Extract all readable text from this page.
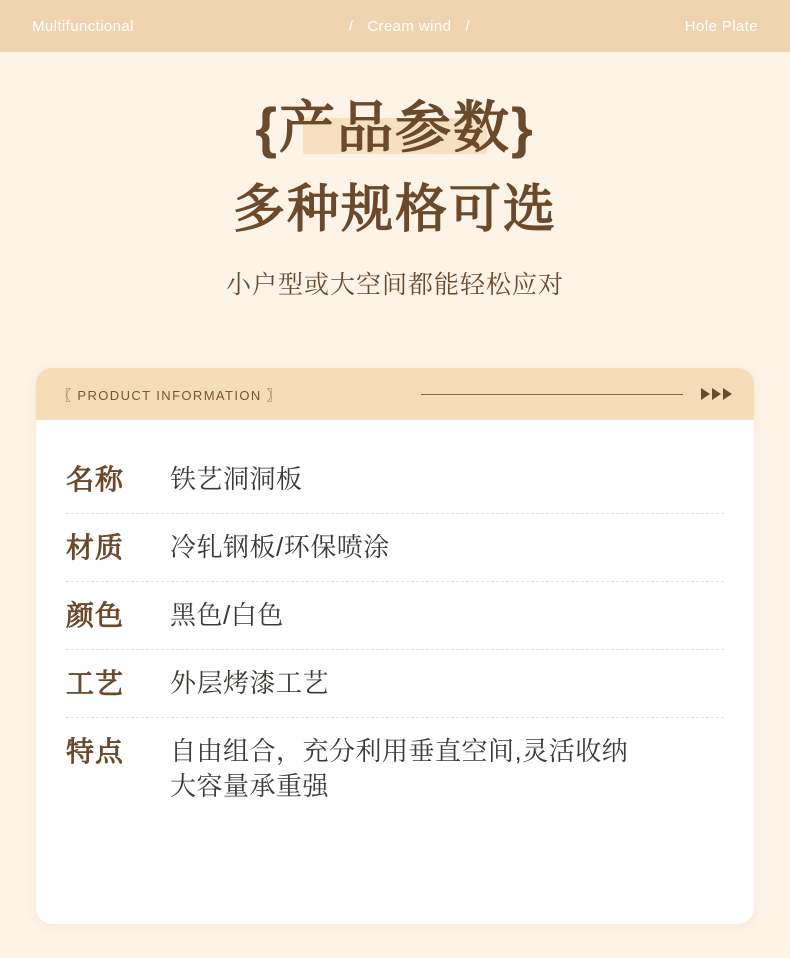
Multifunctional	/ Cream wind /	Hole Plate
{产品参数}
多种规格可选
小户型或大空间都能轻松应对
〖 PRODUCT INFORMATION 〗
名称	铁艺洞洞板
材质	冷轧钢板/环保喷涂
颜色	黑色/白色
工艺	外层烤漆工艺
特点	自由组合，充分利用垂直空间,灵活收纳
大容量承重强
